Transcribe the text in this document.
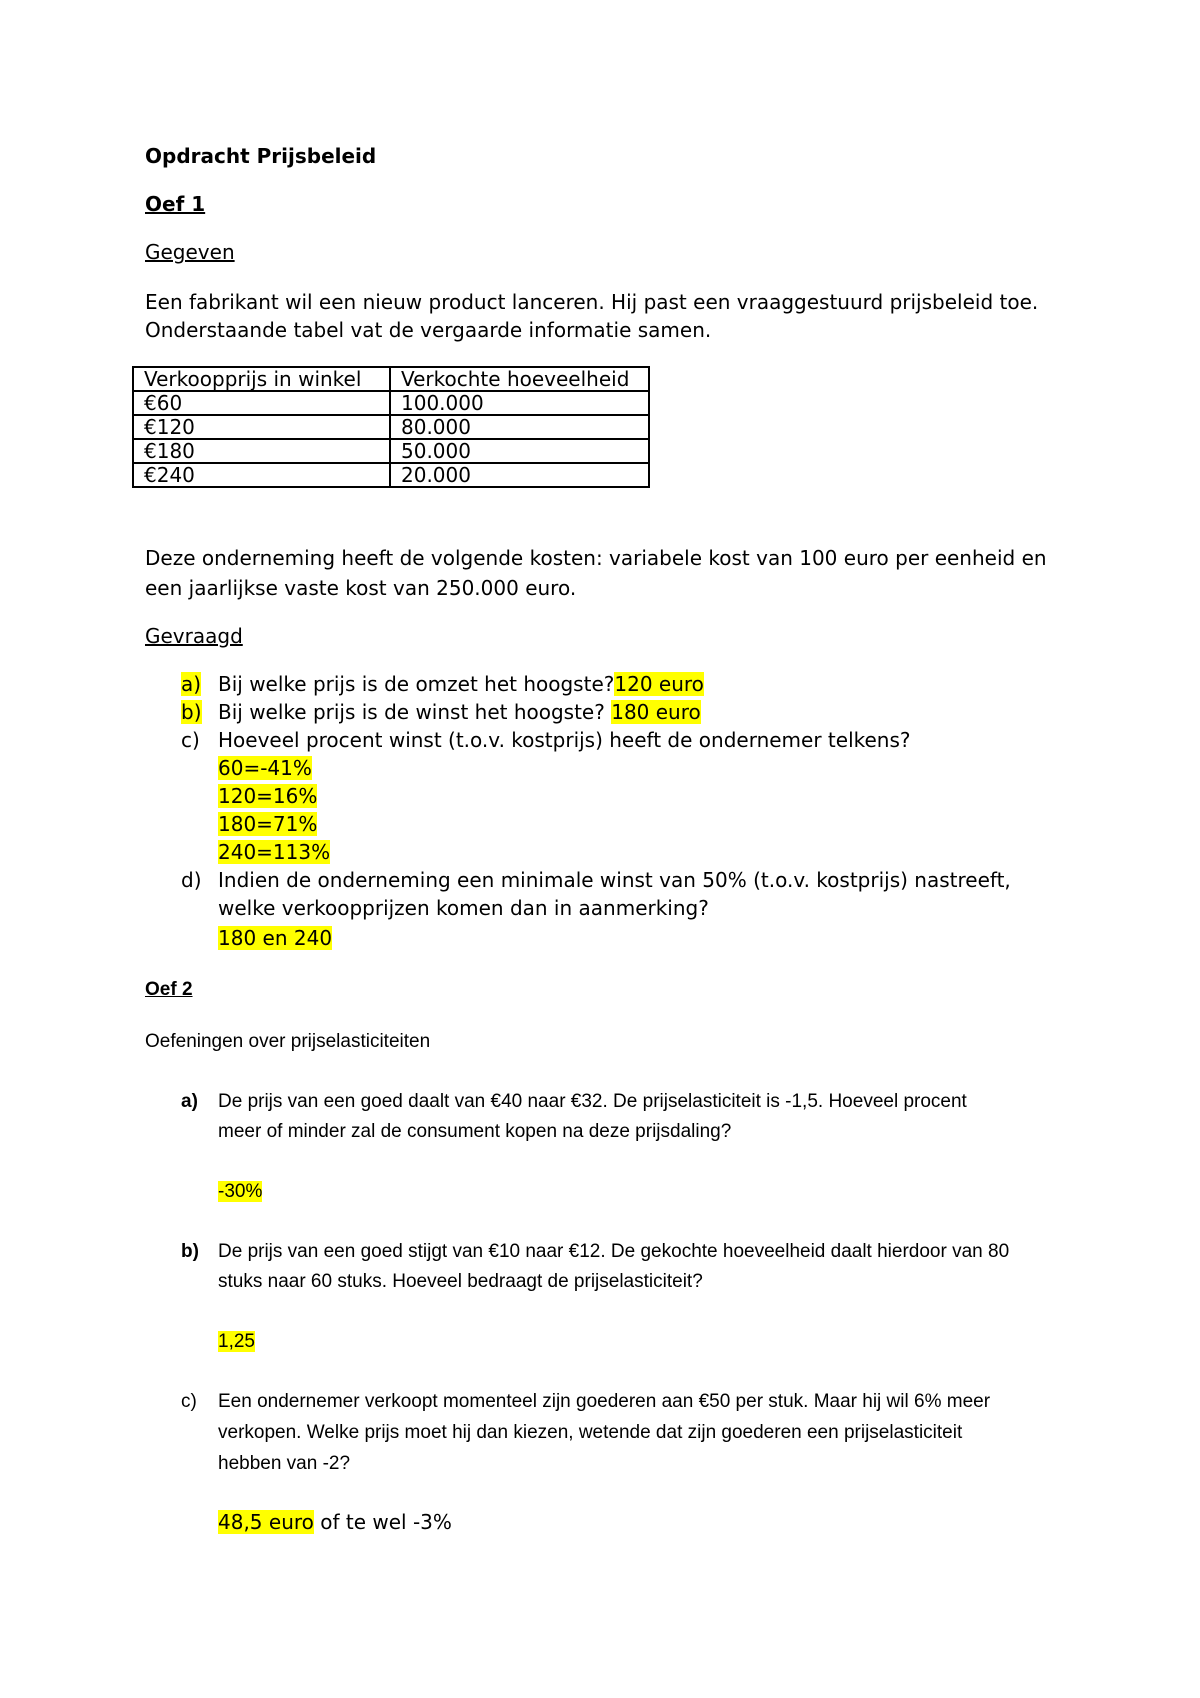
Opdracht Prijsbeleid
Oef 1
Gegeven
Een fabrikant wil een nieuw product lanceren. Hij past een vraaggestuurd prijsbeleid toe.
Onderstaande tabel vat de vergaarde informatie samen.
Verkoopprijs in winkel	Verkochte hoeveelheid
€60	100.000
€120	80.000
€180	50.000
€240	20.000
Deze onderneming heeft de volgende kosten: variabele kost van 100 euro per eenheid en
een jaarlijkse vaste kost van 250.000 euro.
Gevraagd
a) Bij welke prijs is de omzet het hoogste?120 euro
b) Bij welke prijs is de winst het hoogste? 180 euro
c) Hoeveel procent winst (t.o.v. kostprijs) heeft de ondernemer telkens?
60=-41%
120=16%
180=71%
240=113%
d) Indien de onderneming een minimale winst van 50% (t.o.v. kostprijs) nastreeft,
welke verkoopprijzen komen dan in aanmerking?
180 en 240
Oef 2
Oefeningen over prijselasticiteiten
a) De prijs van een goed daalt van €40 naar €32. De prijselasticiteit is -1,5. Hoeveel procent
meer of minder zal de consument kopen na deze prijsdaling?
-30%
b) De prijs van een goed stijgt van €10 naar €12. De gekochte hoeveelheid daalt hierdoor van 80
stuks naar 60 stuks. Hoeveel bedraagt de prijselasticiteit?
1,25
c) Een ondernemer verkoopt momenteel zijn goederen aan €50 per stuk. Maar hij wil 6% meer
verkopen. Welke prijs moet hij dan kiezen, wetende dat zijn goederen een prijselasticiteit
hebben van -2?
48,5 euro of te wel -3%
